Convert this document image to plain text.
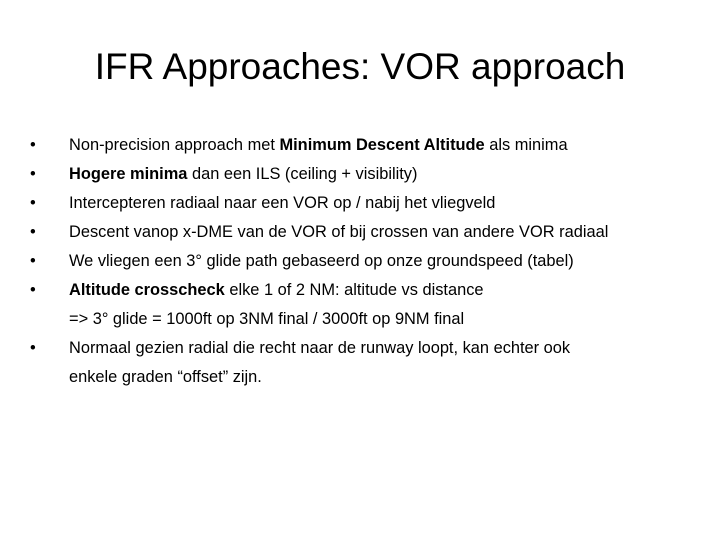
IFR Approaches: VOR approach
•	Non-precision approach met Minimum Descent Altitude als minima
•	Hogere minima dan een ILS (ceiling + visibility)
•	Intercepteren radiaal naar een VOR op / nabij het vliegveld
•	Descent vanop x-DME van de VOR of bij crossen van andere VOR radiaal
•	We vliegen een 3° glide path gebaseerd op onze groundspeed (tabel)
•	Altitude crosscheck elke 1 of 2 NM: altitude vs distance
=> 3° glide = 1000ft op 3NM final / 3000ft op 9NM final
•	Normaal gezien radial die recht naar de runway loopt, kan echter ook
enkele graden “offset” zijn.
